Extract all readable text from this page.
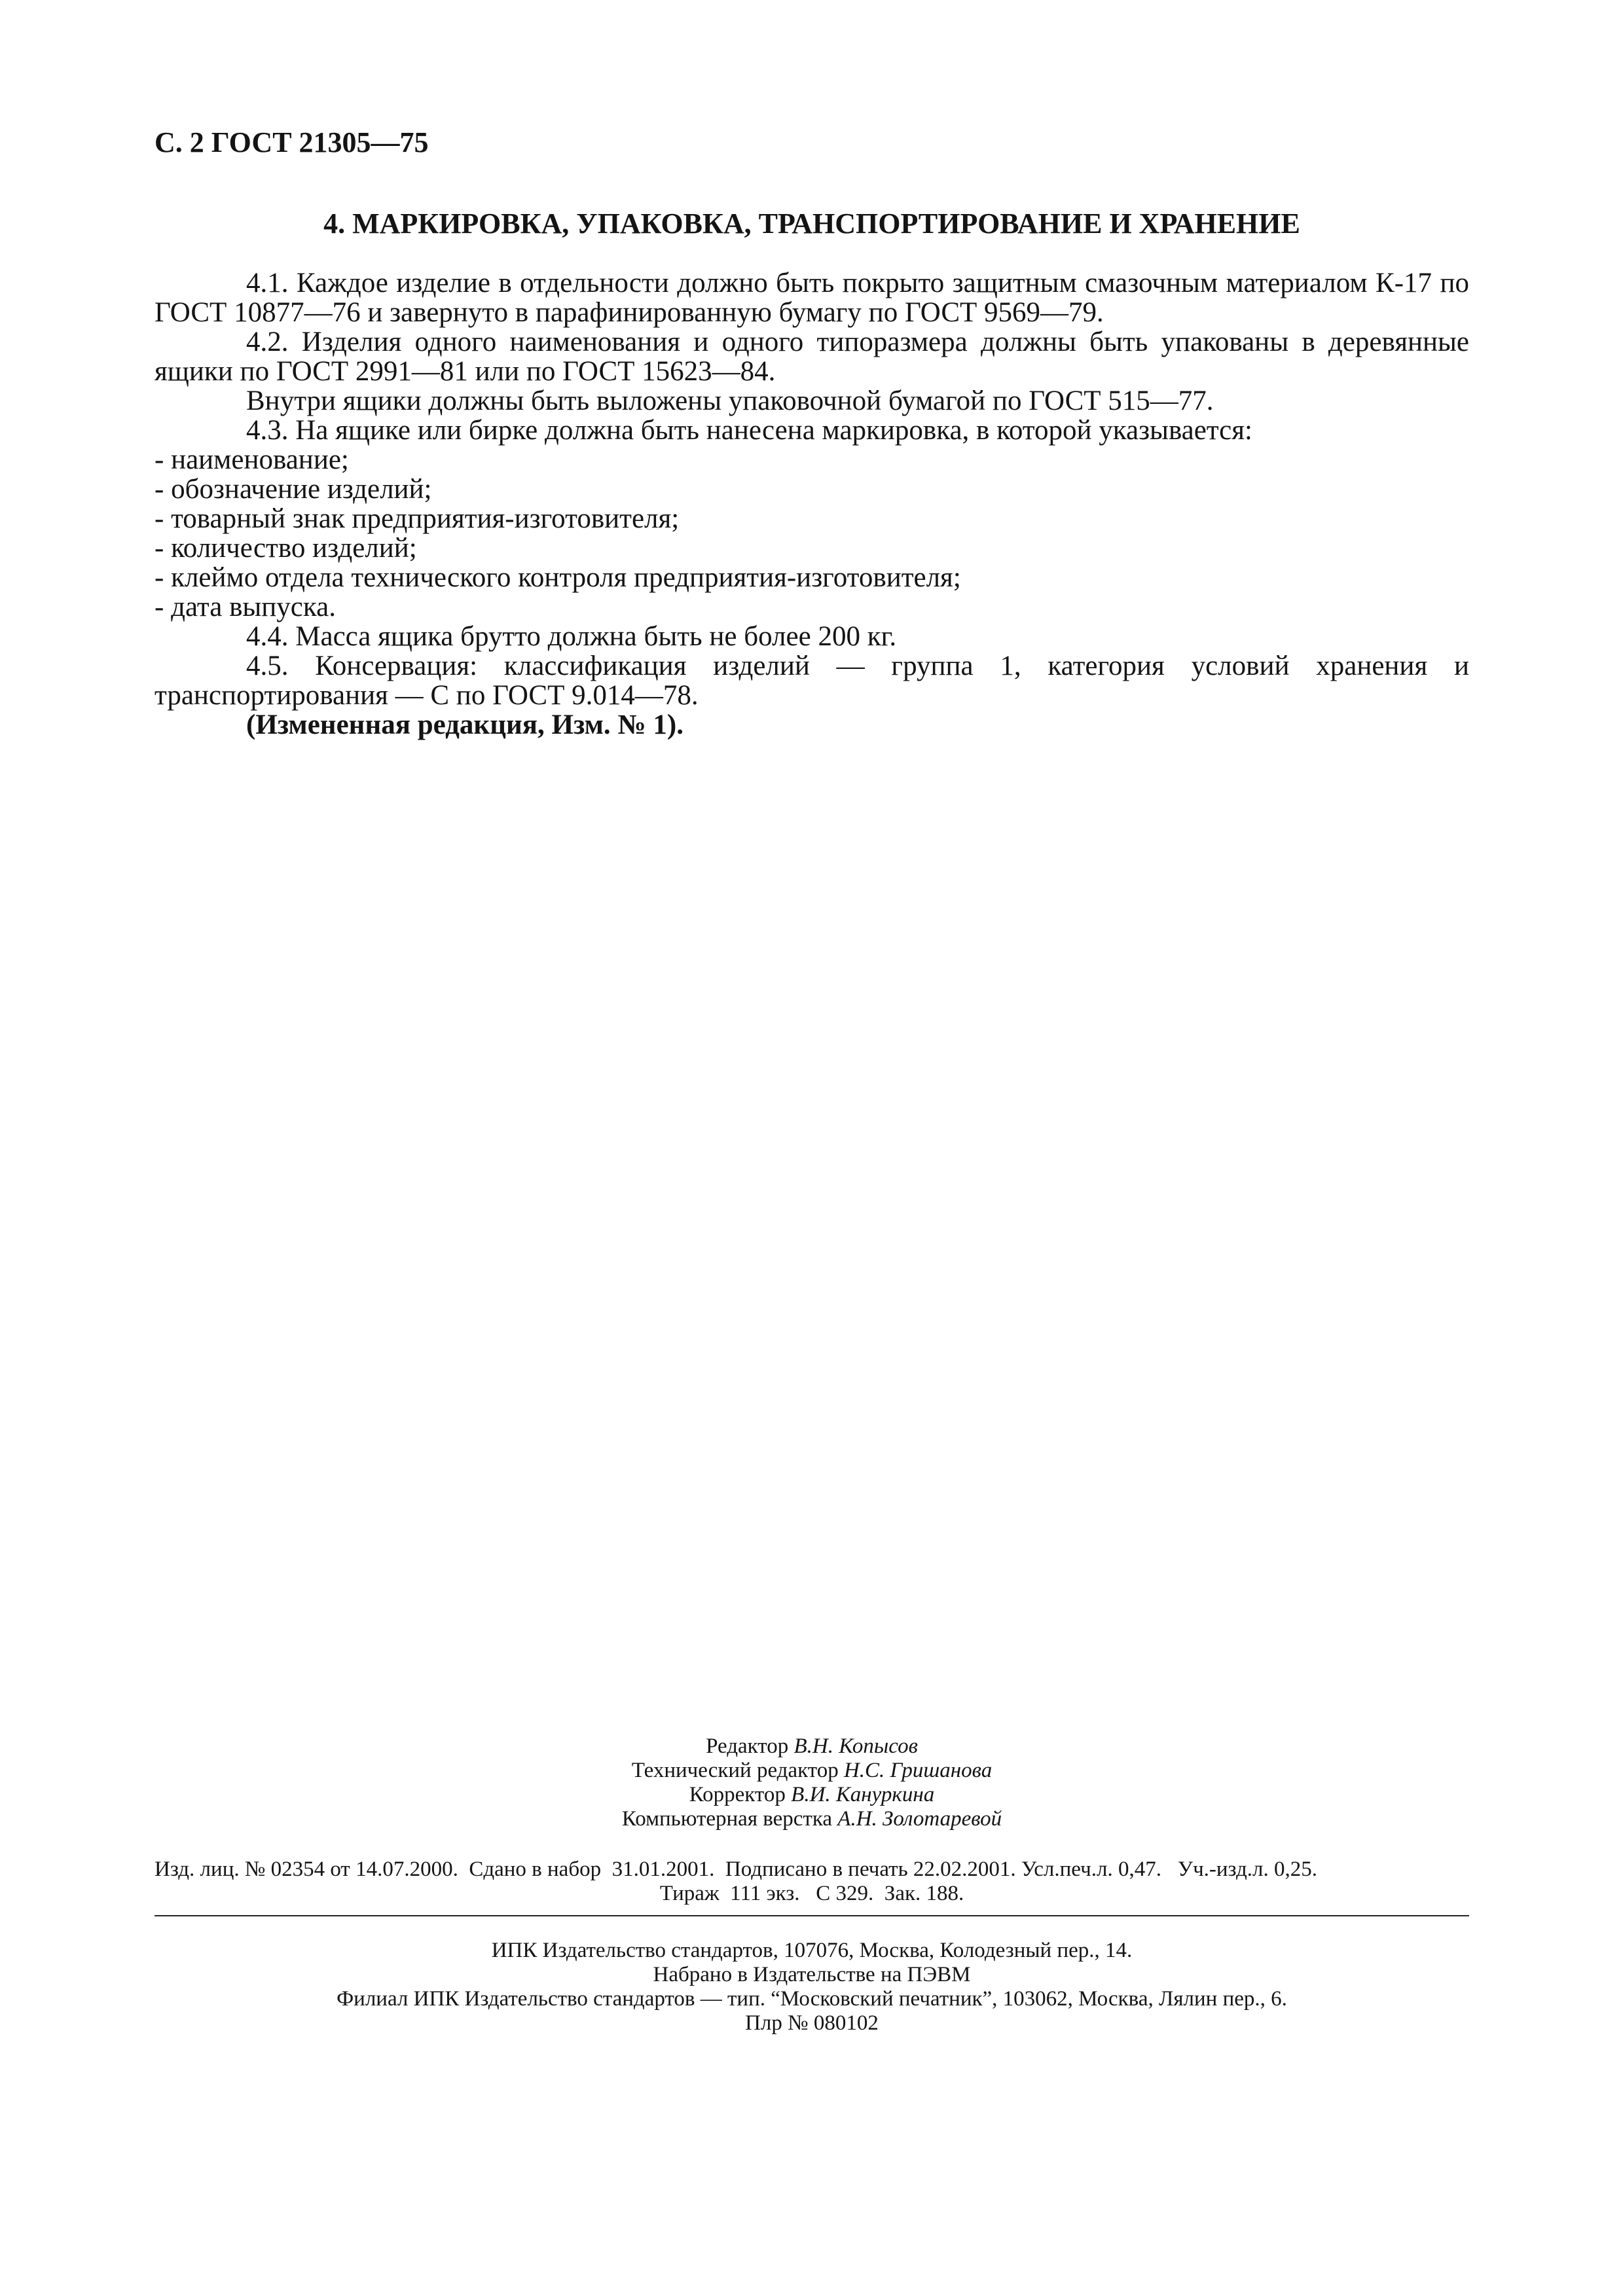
С. 2 ГОСТ 21305—75
4. МАРКИРОВКА, УПАКОВКА, ТРАНСПОРТИРОВАНИЕ И ХРАНЕНИЕ

4.1. Каждое изделие в отдельности должно быть покрыто защитным смазочным материалом К-17 по ГОСТ 10877—76 и завернуто в парафинированную бумагу по ГОСТ 9569—79.

4.2. Изделия одного наименования и одного типоразмера должны быть упакованы в деревянные ящики по ГОСТ 2991—81 или по ГОСТ 15623—84.

Внутри ящики должны быть выложены упаковочной бумагой по ГОСТ 515—77.

4.3. На ящике или бирке должна быть нанесена маркировка, в которой указывается:

- наименование;

- обозначение изделий;

- товарный знак предприятия-изготовителя;

- количество изделий;

- клеймо отдела технического контроля предприятия-изготовителя;

- дата выпуска.

4.4. Масса ящика брутто должна быть не более 200 кг.

4.5. Консервация: классификация изделий — группа 1, категория условий хранения и транспортирования — С по ГОСТ 9.014—78.

(Измененная редакция, Изм. № 1).

Редактор В.Н. Копысов
Технический редактор Н.С. Гришанова
Корректор В.И. Кануркина
Компьютерная верстка А.Н. Золотаревой
Изд. лиц. № 02354 от 14.07.2000.  Сдано в набор  31.01.2001.  Подписано в печать 22.02.2001. Усл.печ.л. 0,47.   Уч.-изд.л. 0,25.
Тираж  111 экз.   С 329.  Зак. 188.
ИПК Издательство стандартов, 107076, Москва, Колодезный пер., 14.
Набрано в Издательстве на ПЭВМ
Филиал ИПК Издательство стандартов — тип. “Московский печатник”, 103062, Москва, Лялин пер., 6.
Плр № 080102
